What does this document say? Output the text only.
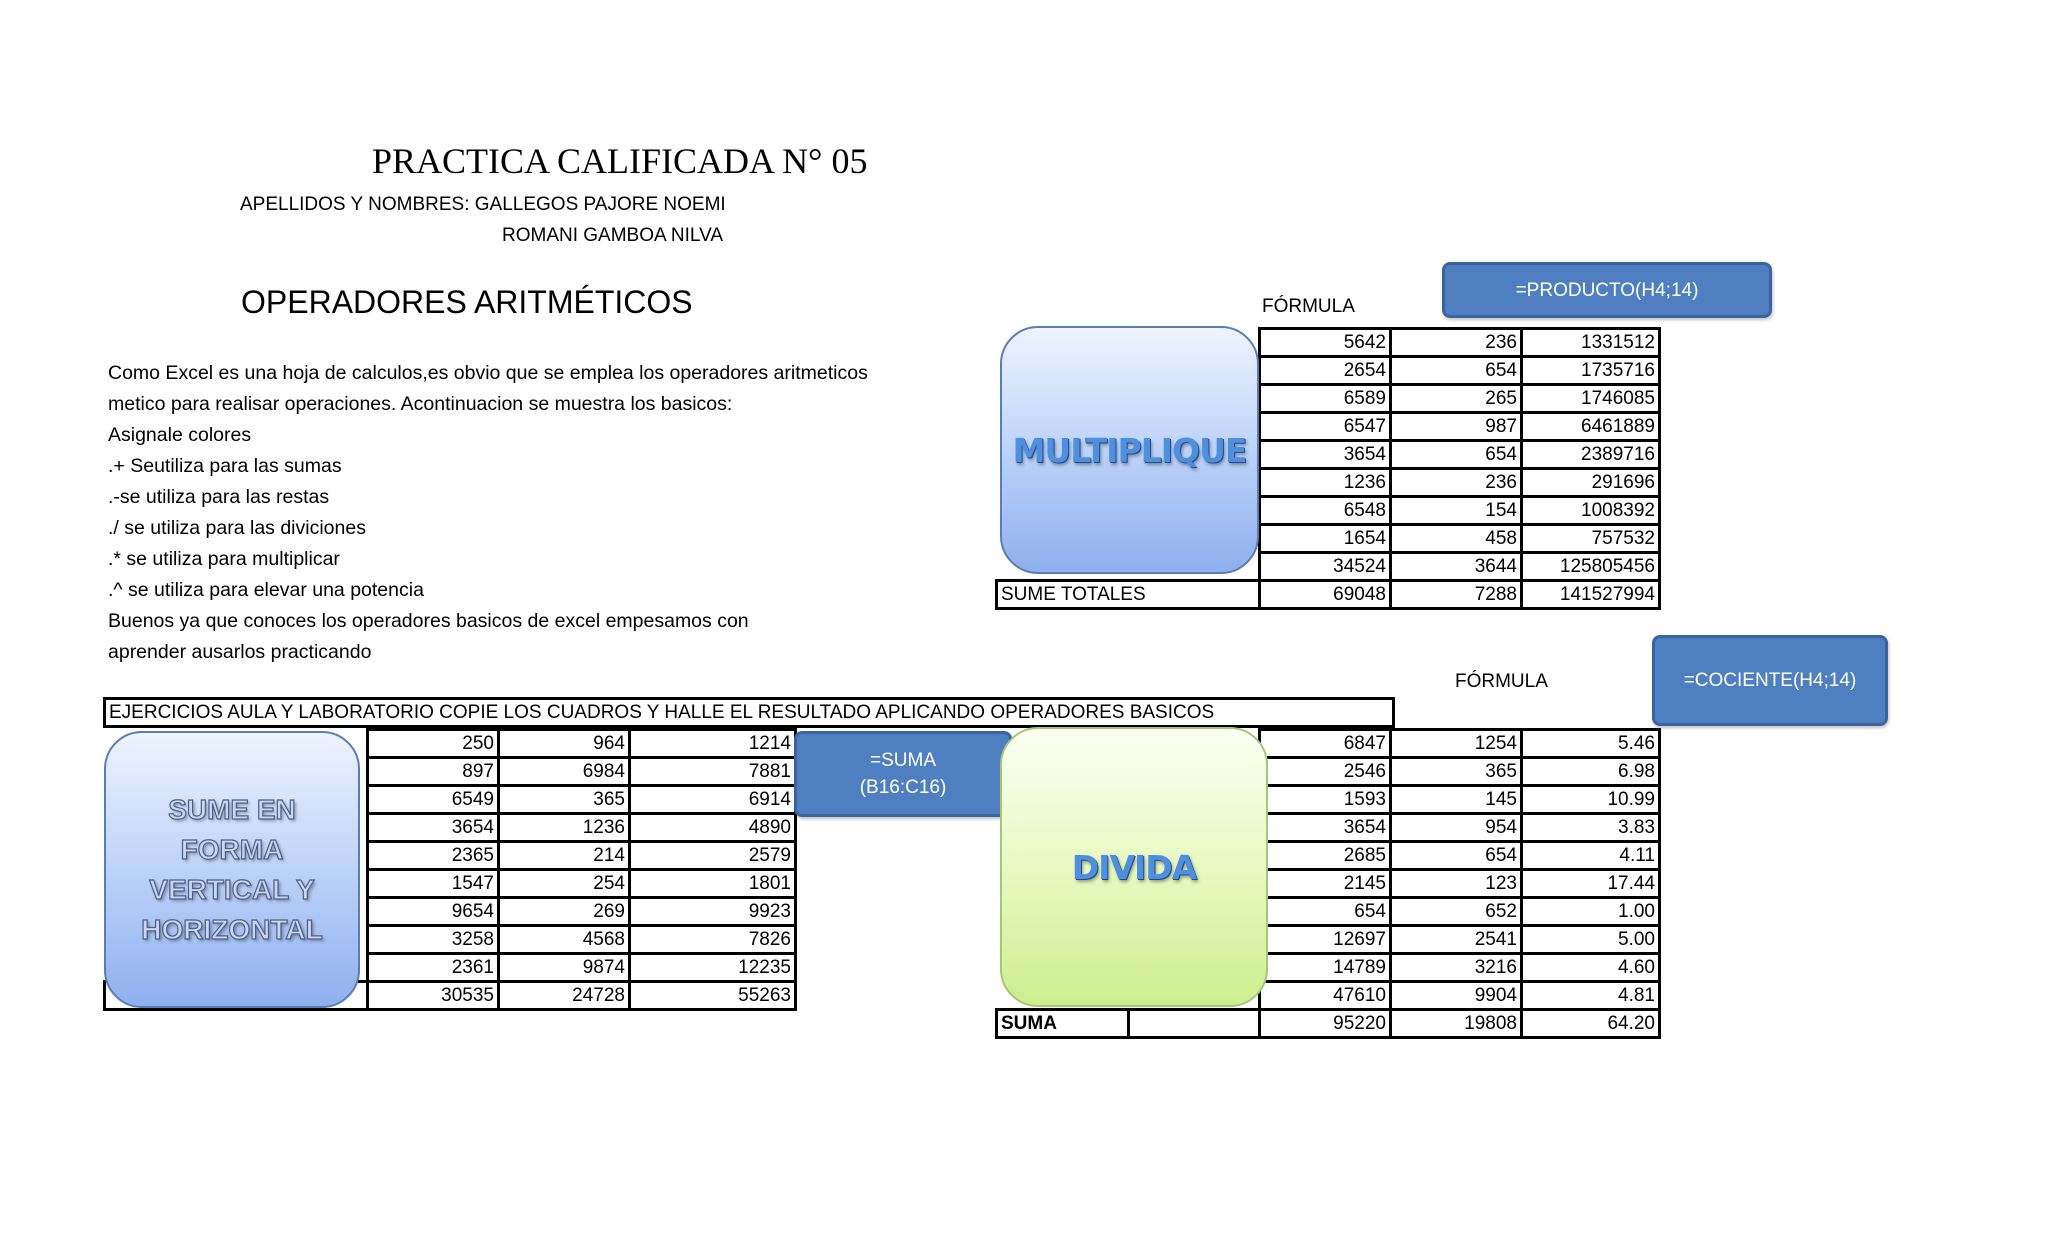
PRACTICA CALIFICADA N° 05
APELLIDOS Y NOMBRES: GALLEGOS PAJORE NOEMI
ROMANI GAMBOA NILVA
OPERADORES ARITMÉTICOS
Como Excel es una hoja de calculos,es obvio que se emplea los operadores aritmeticos
metico para realisar operaciones. Acontinuacion se muestra los basicos:
Asignale colores
.+ Seutiliza para las sumas
.-se utiliza para las restas
./ se utiliza para las diviciones
.* se utiliza para multiplicar
.^ se utiliza para elevar una potencia
Buenos ya que conoces los operadores basicos de excel empesamos con
aprender ausarlos practicando
FÓRMULA
=PRODUCTO(H4;14)
		5642	236	1331512
		2654	654	1735716
		6589	265	1746085
		6547	987	6461889
		3654	654	2389716
		1236	236	291696
		6548	154	1008392
		1654	458	757532
		34524	3644	125805456
SUME TOTALES		69048	7288	141527994
MULTIPLIQUE
EJERCICIOS AULA Y LABORATORIO COPIE LOS CUADROS Y HALLE EL RESULTADO APLICANDO OPERADORES BASICOS
	250	964	1214
	897	6984	7881
	6549	365	6914
	3654	1236	4890
	2365	214	2579
	1547	254	1801
	9654	269	9923
	3258	4568	7826
	2361	9874	12235
	30535	24728	55263
SUME EN
FORMA
VERTICAL Y
HORIZONTAL
=SUMA
(B16:C16)
FÓRMULA	=COCIENTE(H4;14)
		6847	1254	5.46
		2546	365	6.98
		1593	145	10.99
		3654	954	3.83
		2685	654	4.11
		2145	123	17.44
		654	652	1.00
		12697	2541	5.00
		14789	3216	4.60
		47610	9904	4.81
SUMA		95220	19808	64.20
DIVIDA
